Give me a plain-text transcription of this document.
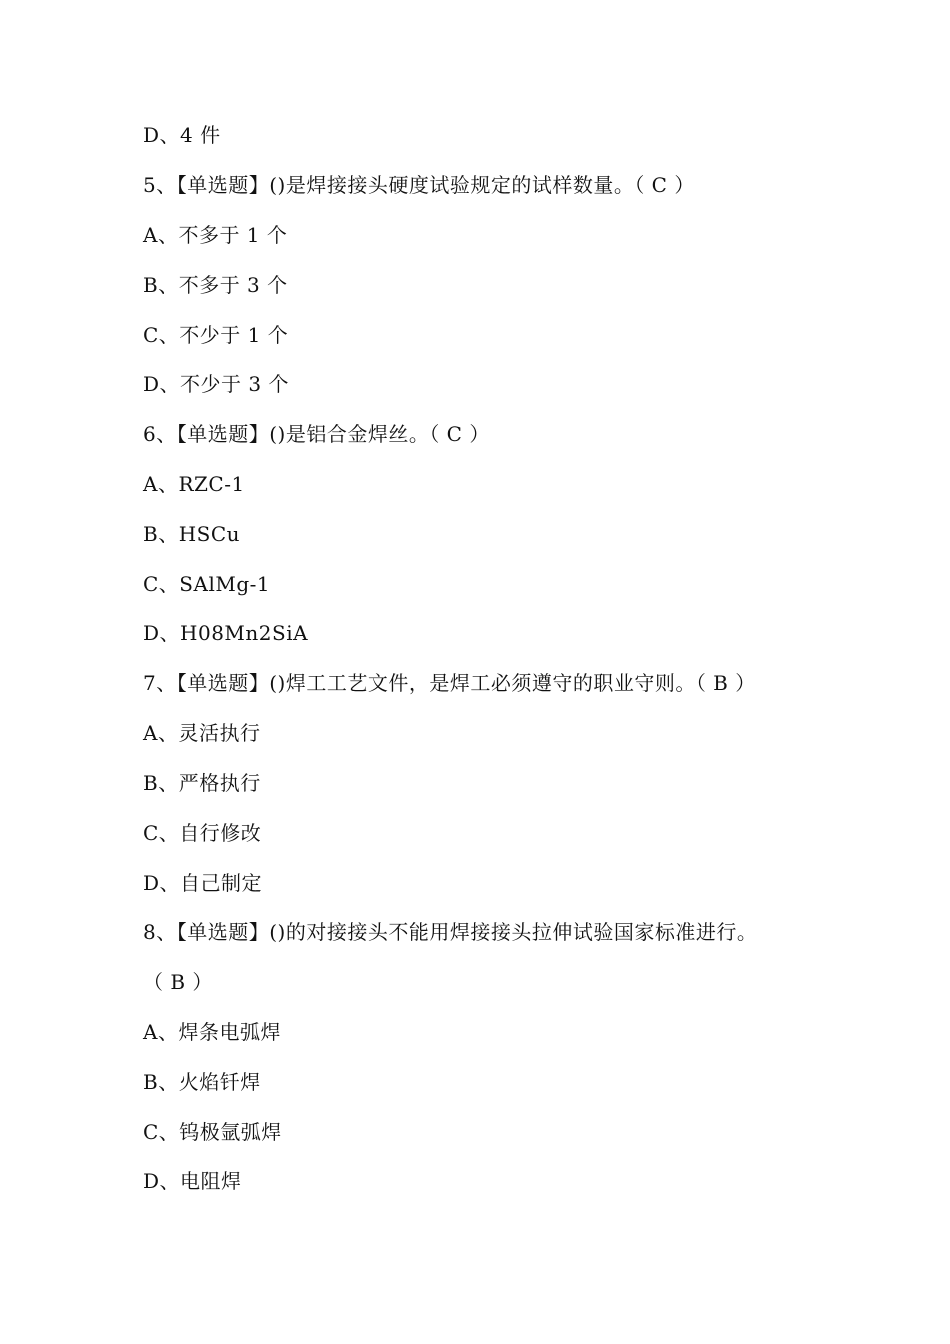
D、4 件
5、【单选题】()是焊接接头硬度试验规定的试样数量。（ C ）
A、不多于 1 个
B、不多于 3 个
C、不少于 1 个
D、不少于 3 个
6、【单选题】()是铝合金焊丝。（ C ）
A、RZC-1
B、HSCu
C、SAlMg-1
D、H08Mn2SiA
7、【单选题】()焊工工艺文件，是焊工必须遵守的职业守则。（ B ）
A、灵活执行
B、严格执行
C、自行修改
D、自己制定
8、【单选题】()的对接接头不能用焊接接头拉伸试验国家标准进行。
（ B ）
A、焊条电弧焊
B、火焰钎焊
C、钨极氩弧焊
D、电阻焊
